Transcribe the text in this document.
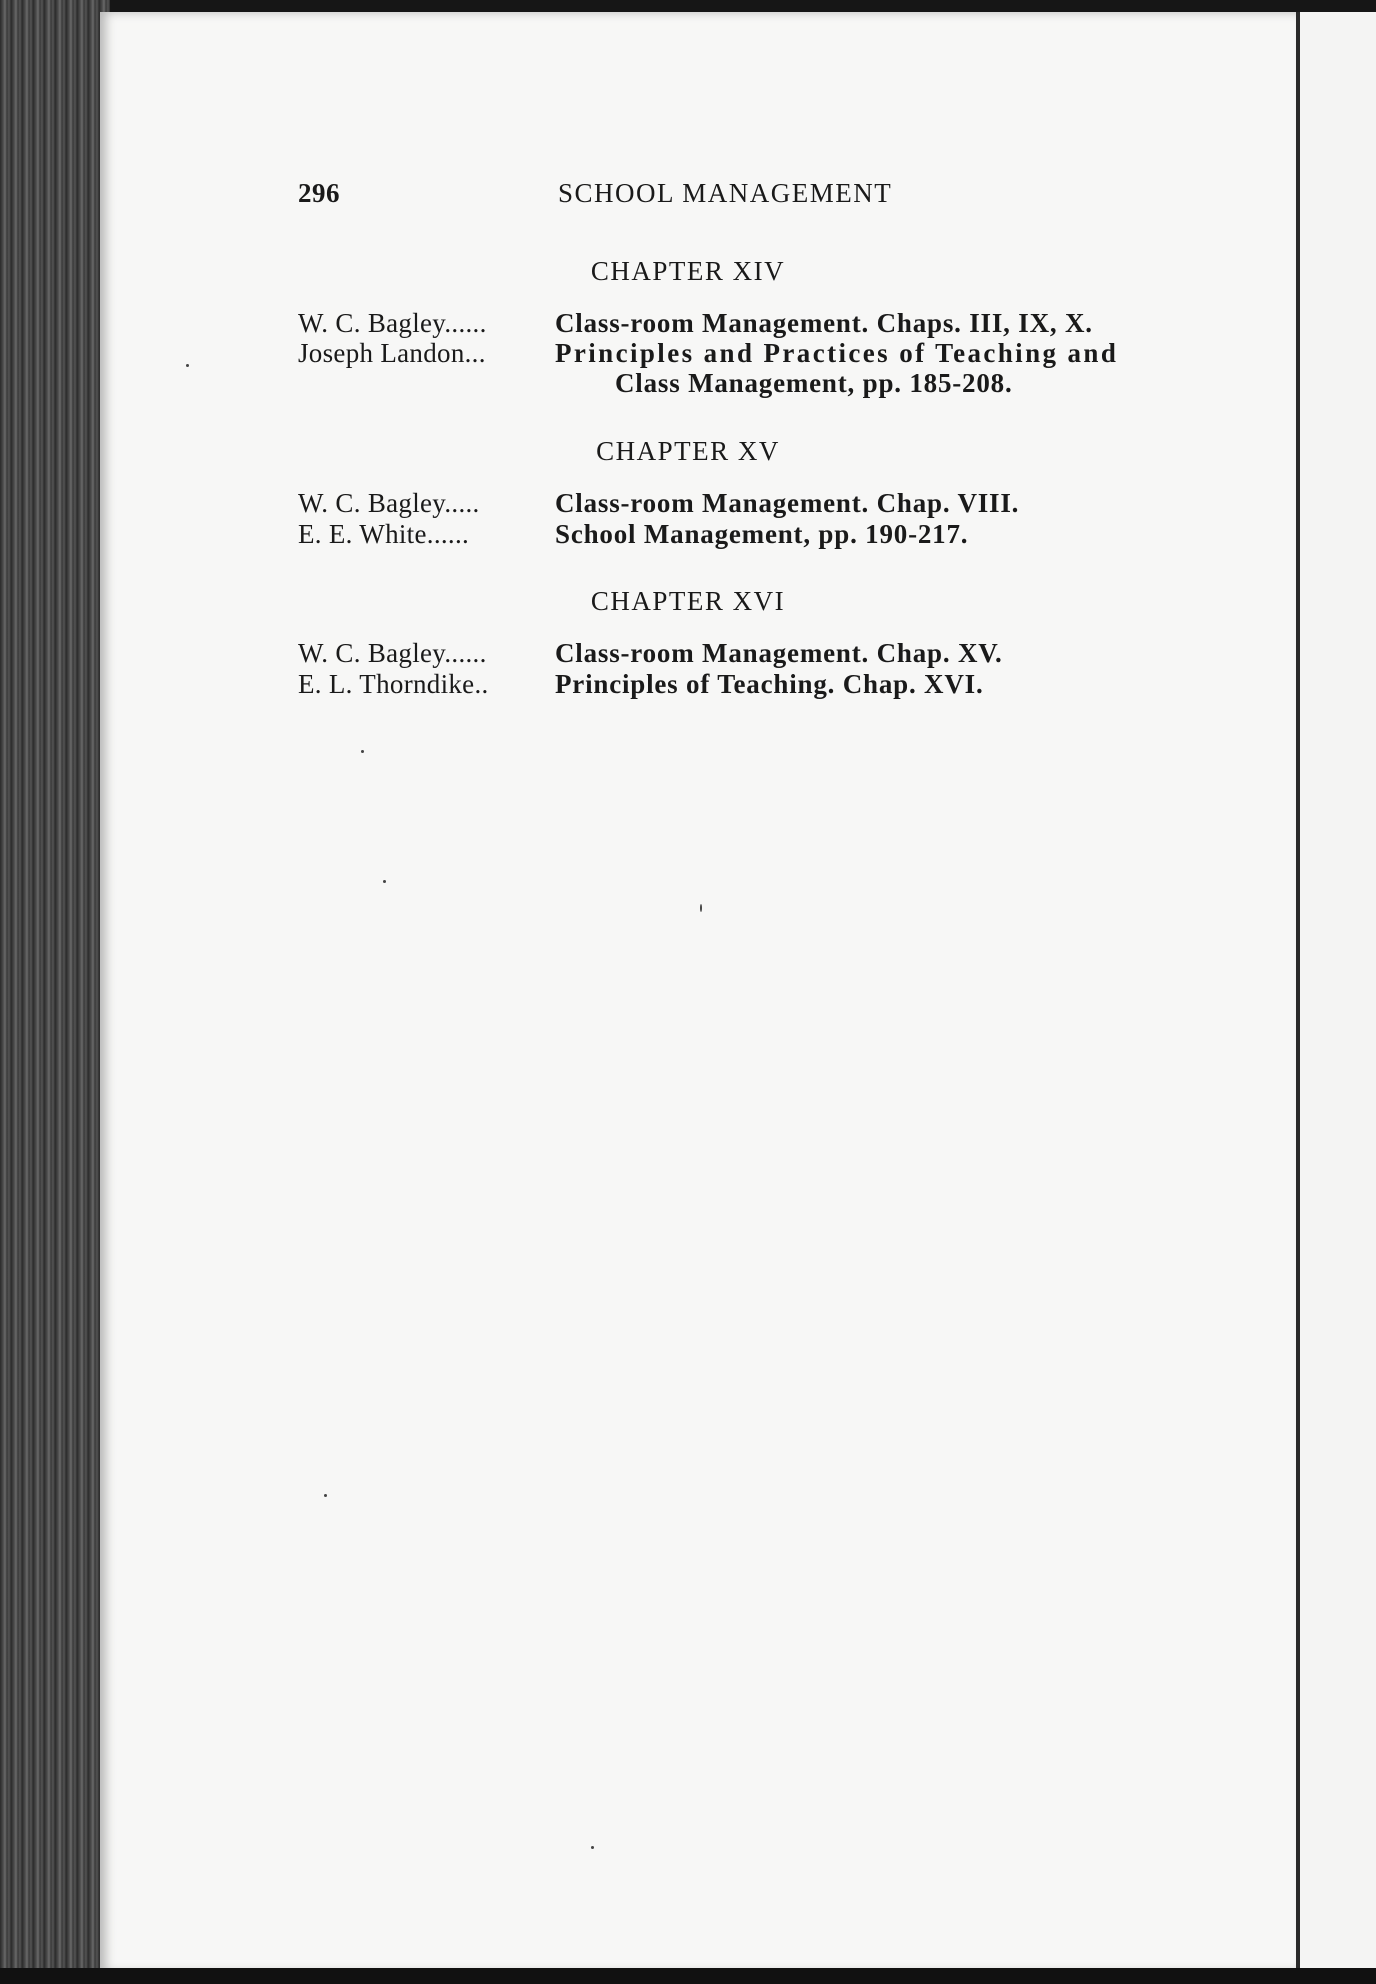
296	SCHOOL MANAGEMENT
CHAPTER XIV
W. C. Bagley......	Class-room Management. Chaps. III, IX, X.
Joseph Landon...	Principles and Practices of Teaching and
Class Management, pp. 185-208.
CHAPTER XV
W. C. Bagley.....	Class-room Management. Chap. VIII.
E. E. White......	School Management, pp. 190-217.
CHAPTER XVI
W. C. Bagley......	Class-room Management. Chap. XV.
E. L. Thorndike.. Principles of Teaching. Chap. XVI.
